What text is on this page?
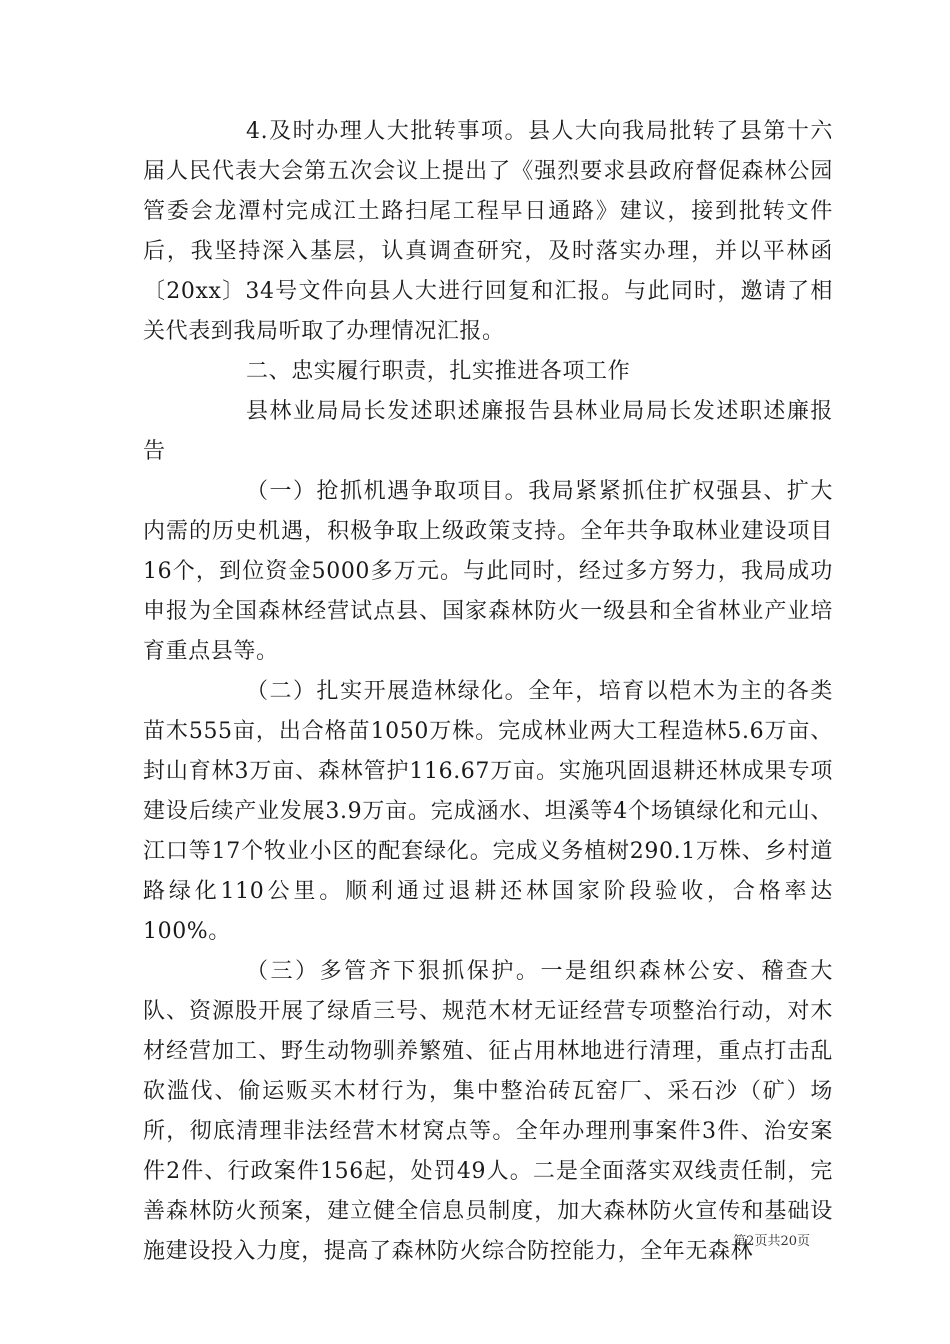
4.及时办理人大批转事项。县人大向我局批转了县第十六届人民代表大会第五次会议上提出了《强烈要求县政府督促森林公园管委会龙潭村完成江土路扫尾工程早日通路》建议，接到批转文件后，我坚持深入基层，认真调查研究，及时落实办理，并以平林函〔20xx〕34号文件向县人大进行回复和汇报。与此同时，邀请了相关代表到我局听取了办理情况汇报。

二、忠实履行职责，扎实推进各项工作

县林业局局长发述职述廉报告县林业局局长发述职述廉报告

（一）抢抓机遇争取项目。我局紧紧抓住扩权强县、扩大内需的历史机遇，积极争取上级政策支持。全年共争取林业建设项目16个，到位资金5000多万元。与此同时，经过多方努力，我局成功申报为全国森林经营试点县、国家森林防火一级县和全省林业产业培育重点县等。

（二）扎实开展造林绿化。全年，培育以桤木为主的各类苗木555亩，出合格苗1050万株。完成林业两大工程造林5.6万亩、封山育林3万亩、森林管护116.67万亩。实施巩固退耕还林成果专项建设后续产业发展3.9万亩。完成涵水、坦溪等4个场镇绿化和元山、江口等17个牧业小区的配套绿化。完成义务植树290.1万株、乡村道路绿化110公里。顺利通过退耕还林国家阶段验收，合格率达100%。

（三）多管齐下狠抓保护。一是组织森林公安、稽查大队、资源股开展了绿盾三号、规范木材无证经营专项整治行动，对木材经营加工、野生动物驯养繁殖、征占用林地进行清理，重点打击乱砍滥伐、偷运贩买木材行为，集中整治砖瓦窑厂、采石沙（矿）场所，彻底清理非法经营木材窝点等。全年办理刑事案件3件、治安案件2件、行政案件156起，处罚49人。二是全面落实双线责任制，完善森林防火预案，建立健全信息员制度，加大森林防火宣传和基础设施建设投入力度，提高了森林防火综合防控能力，全年无森林

第2页共20页
